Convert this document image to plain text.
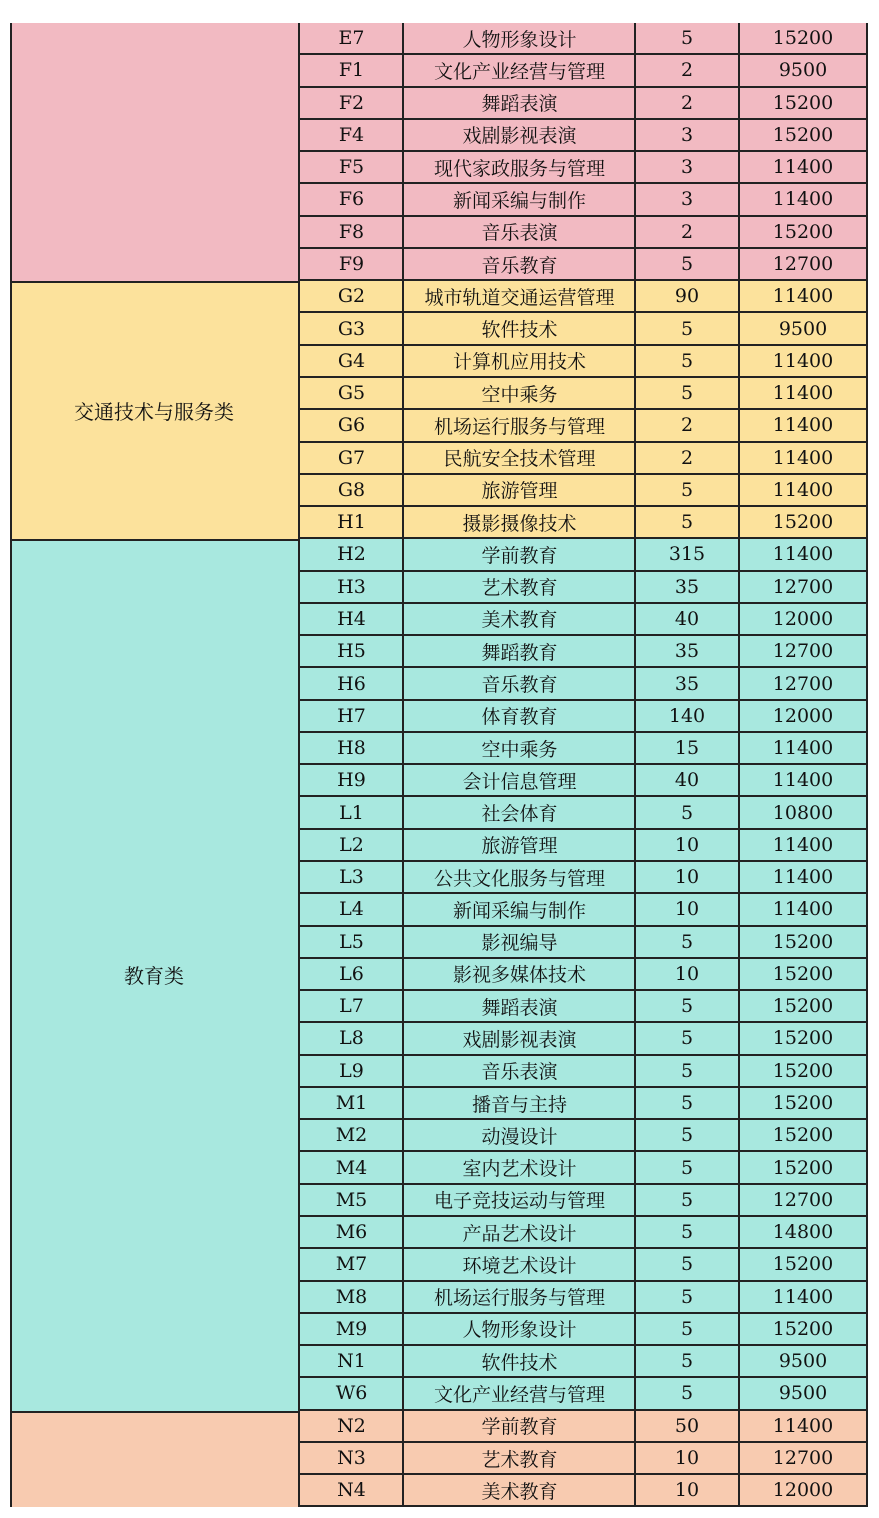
E7	人物形象设计	5	15200
F1	文化产业经营与管理	2	9500
F2	舞蹈表演	2	15200
F4	戏剧影视表演	3	15200
F5	现代家政服务与管理	3	11400
F6	新闻采编与制作	3	11400
F8	音乐表演	2	15200
F9	音乐教育	5	12700
交通技术与服务类
G2	城市轨道交通运营管理	90	11400
G3	软件技术	5	9500
G4	计算机应用技术	5	11400
G5	空中乘务	5	11400
G6	机场运行服务与管理	2	11400
G7	民航安全技术管理	2	11400
G8	旅游管理	5	11400
H1	摄影摄像技术	5	15200
教育类
H2	学前教育	315	11400
H3	艺术教育	35	12700
H4	美术教育	40	12000
H5	舞蹈教育	35	12700
H6	音乐教育	35	12700
H7	体育教育	140	12000
H8	空中乘务	15	11400
H9	会计信息管理	40	11400
L1	社会体育	5	10800
L2	旅游管理	10	11400
L3	公共文化服务与管理	10	11400
L4	新闻采编与制作	10	11400
L5	影视编导	5	15200
L6	影视多媒体技术	10	15200
L7	舞蹈表演	5	15200
L8	戏剧影视表演	5	15200
L9	音乐表演	5	15200
M1	播音与主持	5	15200
M2	动漫设计	5	15200
M4	室内艺术设计	5	15200
M5	电子竞技运动与管理	5	12700
M6	产品艺术设计	5	14800
M7	环境艺术设计	5	15200
M8	机场运行服务与管理	5	11400
M9	人物形象设计	5	15200
N1	软件技术	5	9500
W6	文化产业经营与管理	5	9500
N2	学前教育	50	11400
N3	艺术教育	10	12700
N4	美术教育	10	12000
